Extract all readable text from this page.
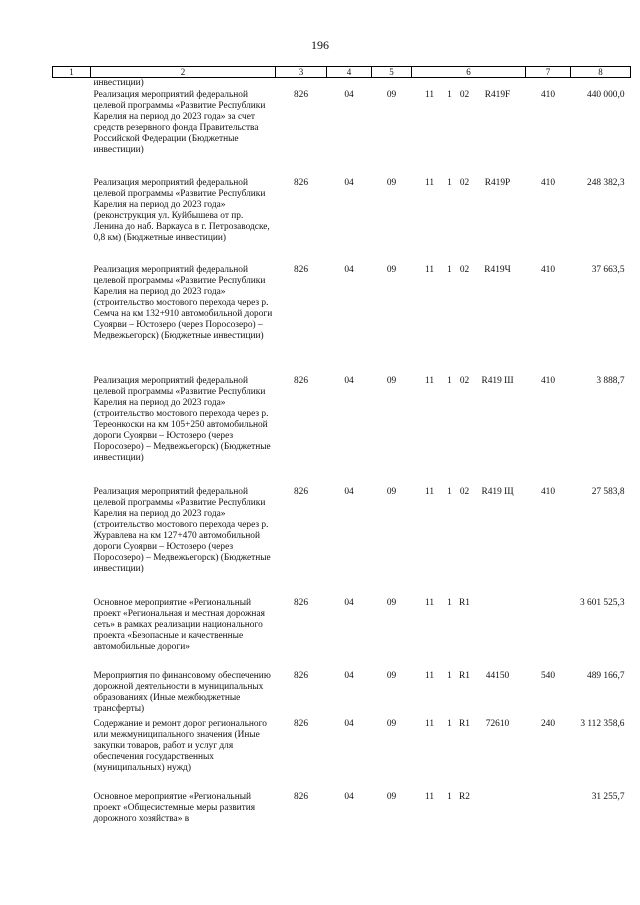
196
1	2	3	4	5	6	7	8
	инвестиции)						
	Реализация мероприятий федеральной целевой программы «Развитие Республики Карелия на период до 2023 года» за счет средств резервного фонда Правительства Российской Федерации (Бюджетные инвестиции)	826	04	09	11 1 02 R419F	410	440 000,0
	Реализация мероприятий федеральной целевой программы «Развитие Республики Карелия на период до 2023 года» (реконструкция ул. Куйбышева от пр. Ленина до наб. Варкауса в г. Петрозаводске, 0,8 км) (Бюджетные инвестиции)	826	04	09	11 1 02 R419P	410	248 382,3
	Реализация мероприятий федеральной целевой программы «Развитие Республики Карелия на период до 2023 года» (строительство мостового перехода через р. Семча на км 132+910 автомобильной дороги Суоярви – Юстозеро (через Поросозеро) – Медвежьегорск) (Бюджетные инвестиции)	826	04	09	11 1 02 R419Ч	410	37 663,5
	Реализация мероприятий федеральной целевой программы «Развитие Республики Карелия на период до 2023 года» (строительство мостового перехода через р. Тереонкоски на км 105+250 автомобильной дороги Суоярви – Юстозеро (через Поросозеро) – Медвежьегорск) (Бюджетные инвестиции)	826	04	09	11 1 02 R419 Ш	410	3 888,7
	Реализация мероприятий федеральной целевой программы «Развитие Республики Карелия на период до 2023 года» (строительство мостового перехода через р. Журавлева на км 127+470 автомобильной дороги Суоярви – Юстозеро (через Поросозеро) – Медвежьегорск) (Бюджетные инвестиции)	826	04	09	11 1 02 R419 Щ	410	27 583,8
	Основное мероприятие «Региональный проект «Региональная и местная дорожная сеть» в рамках реализации национального проекта «Безопасные и качественные автомобильные дороги»	826	04	09	11 1 R1		3 601 525,3
	Мероприятия по финансовому обеспечению дорожной деятельности в муниципальных образованиях (Иные межбюджетные трансферты)	826	04	09	11 1 R1 44150	540	489 166,7
	Содержание и ремонт дорог регионального или межмуниципального значения (Иные закупки товаров, работ и услуг для обеспечения государственных (муниципальных) нужд)	826	04	09	11 1 R1 72610	240	3 112 358,6
	Основное мероприятие «Региональный проект «Общесистемные меры развития дорожного хозяйства» в	826	04	09	11 1 R2		31 255,7
